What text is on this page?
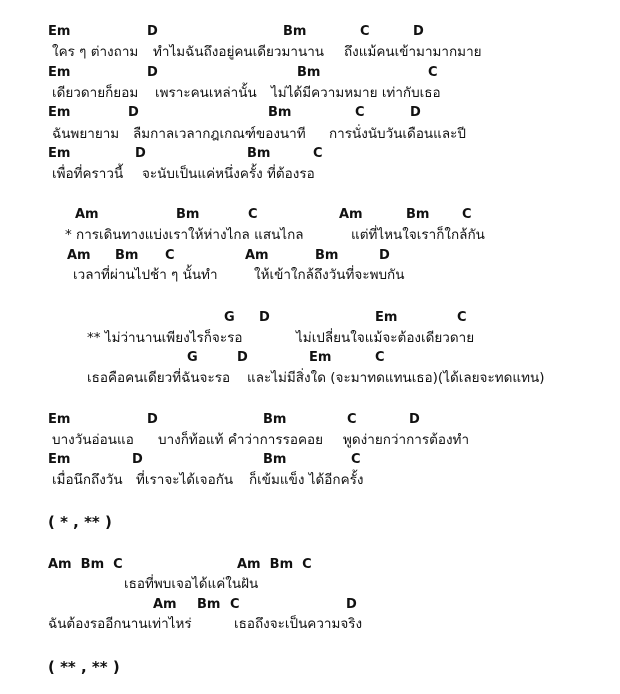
Em	D	Bm	C	D
ใคร ๆ ต่างถาม ทำไมฉันถึงอยู่คนเดียวมานาน ถึงแม้คนเข้ามามากมาย
Em	D	Bm	C
เดียวดายก็ยอม เพราะคนเหล่านั้น ไม่ได้มีความหมาย เท่ากับเธอ
Em	D	Bm	C	D
ฉันพยายาม ลืมกาลเวลากฎเกณฑ์ของนาที การนั่งนับวันเดือนและปี
Em	D	Bm	C
เพื่อที่คราวนี้ จะนับเป็นแค่หนึ่งครั้ง ที่ต้องรอ
Am	Bm	C	Am	Bm	C
* การเดินทางแบ่งเราให้ห่างไกล แสนไกล	แต่ที่ไหนใจเราก็ใกล้กัน
Am Bm C	Am	Bm	D
เวลาที่ผ่านไปช้า ๆ นั้นทำ	ให้เข้าใกล้ถึงวันที่จะพบกัน
G D	Em	C
** ไม่ว่านานเพียงไรก็จะรอ	ไม่เปลี่ยนใจแม้จะต้องเดียวดาย
G	D	Em	C
เธอคือคนเดียวที่ฉันจะรอ และไม่มีสิ่งใด (จะมาทดแทนเธอ)(ได้เลยจะทดแทน)
Em	D	Bm	C	D
บางวันอ่อนแอ บางก็ท้อแท้ คำว่าการรอคอย พูดง่ายกว่าการต้องทำ
Em	D	Bm	C
เมื่อนึกถึงวัน ที่เราจะได้เจอกัน ก็เข้มแข็ง ได้อีกครั้ง
( * , ** )
Am  Bm  C	Am  Bm  C
เธอที่พบเจอได้แค่ในฝัน
Am Bm C	D
ฉันต้องรออีกนานเท่าไหร่	เธอถึงจะเป็นความจริง
( ** , ** )
